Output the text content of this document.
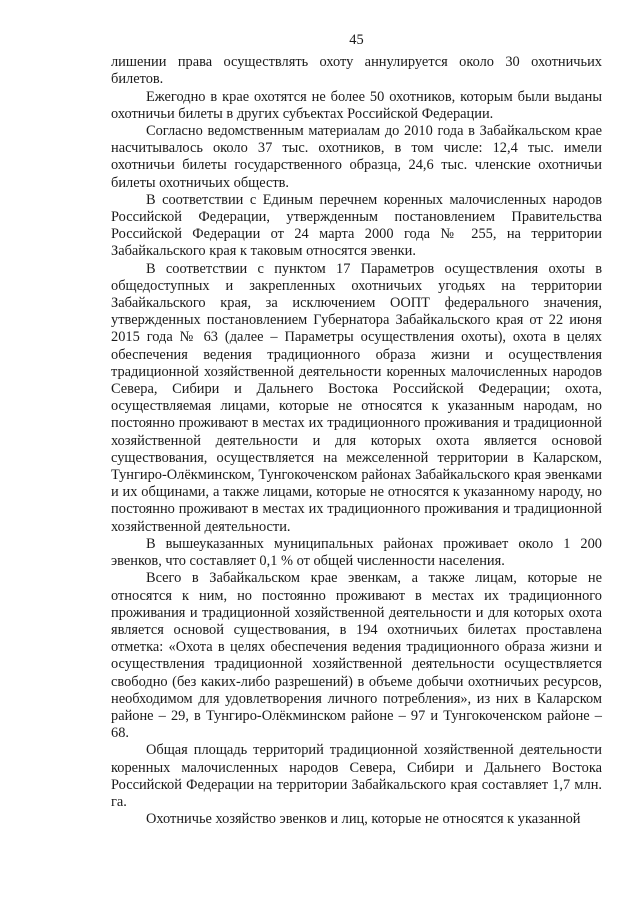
45

лишении права осуществлять охоту аннулируется около 30 охотничьих билетов.

Ежегодно в крае охотятся не более 50 охотников, которым были выданы охотничьи билеты в других субъектах Российской Федерации.

Согласно ведомственным материалам до 2010 года в Забайкальском крае насчитывалось около 37 тыс. охотников, в том числе: 12,4 тыс. имели охотничьи билеты государственного образца, 24,6 тыс. членские охотничьи билеты охотничьих обществ.

В соответствии с Единым перечнем коренных малочисленных народов Российской Федерации, утвержденным постановлением Правительства Российской Федерации от 24 марта 2000 года № 255, на территории Забайкальского края к таковым относятся эвенки.

В соответствии с пунктом 17 Параметров осуществления охоты в общедоступных и закрепленных охотничьих угодьях на территории Забайкальского края, за исключением ООПТ федерального значения, утвержденных постановлением Губернатора Забайкальского края от 22 июня 2015 года № 63 (далее – Параметры осуществления охоты), охота в целях обеспечения ведения традиционного образа жизни и осуществления традиционной хозяйственной деятельности коренных малочисленных народов Севера, Сибири и Дальнего Востока Российской Федерации; охота, осуществляемая лицами, которые не относятся к указанным народам, но постоянно проживают в местах их традиционного проживания и традиционной хозяйственной деятельности и для которых охота является основой существования, осуществляется на межселенной территории в Каларском, Тунгиро-Олёкминском, Тунгокоченском районах Забайкальского края эвенками и их общинами, а также лицами, которые не относятся к указанному народу, но постоянно проживают в местах их традиционного проживания и традиционной хозяйственной деятельности.

В вышеуказанных муниципальных районах проживает около 1 200 эвенков, что составляет 0,1 % от общей численности населения.

Всего в Забайкальском крае эвенкам, а также лицам, которые не относятся к ним, но постоянно проживают в местах их традиционного проживания и традиционной хозяйственной деятельности и для которых охота является основой существования, в 194 охотничьих билетах проставлена отметка: «Охота в целях обеспечения ведения традиционного образа жизни и осуществления традиционной хозяйственной деятельности осуществляется свободно (без каких-либо разрешений) в объеме добычи охотничьих ресурсов, необходимом для удовлетворения личного потребления», из них в Каларском районе – 29, в Тунгиро-Олёкминском районе – 97 и Тунгокоченском районе – 68.

Общая площадь территорий традиционной хозяйственной деятельности коренных малочисленных народов Севера, Сибири и Дальнего Востока Российской Федерации на территории Забайкальского края составляет 1,7 млн. га.

Охотничье хозяйство эвенков и лиц, которые не относятся к указанной
